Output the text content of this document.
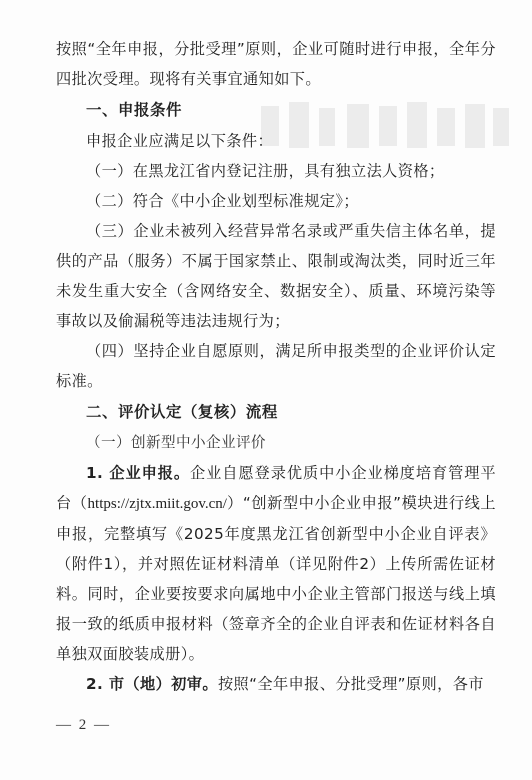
按照“全年申报，分批受理”原则，企业可随时进行申报，全年分四批次受理。现将有关事宜通知如下。

一、申报条件

申报企业应满足以下条件：

（一）在黑龙江省内登记注册，具有独立法人资格；

（二）符合《中小企业划型标准规定》；

（三）企业未被列入经营异常名录或严重失信主体名单，提供的产品（服务）不属于国家禁止、限制或淘汰类，同时近三年未发生重大安全（含网络安全、数据安全）、质量、环境污染等事故以及偷漏税等违法违规行为；

（四）坚持企业自愿原则，满足所申报类型的企业评价认定标准。

二、评价认定（复核）流程

（一）创新型中小企业评价

1. 企业申报。企业自愿登录优质中小企业梯度培育管理平台（https://zjtx.miit.gov.cn/）“创新型中小企业申报”模块进行线上申报，完整填写《2025年度黑龙江省创新型中小企业自评表》（附件1），并对照佐证材料清单（详见附件2）上传所需佐证材料。同时，企业要按要求向属地中小企业主管部门报送与线上填报一致的纸质申报材料（签章齐全的企业自评表和佐证材料各自单独双面胶装成册）。

2. 市（地）初审。按照“全年申报、分批受理”原则，各市

— 2 —
